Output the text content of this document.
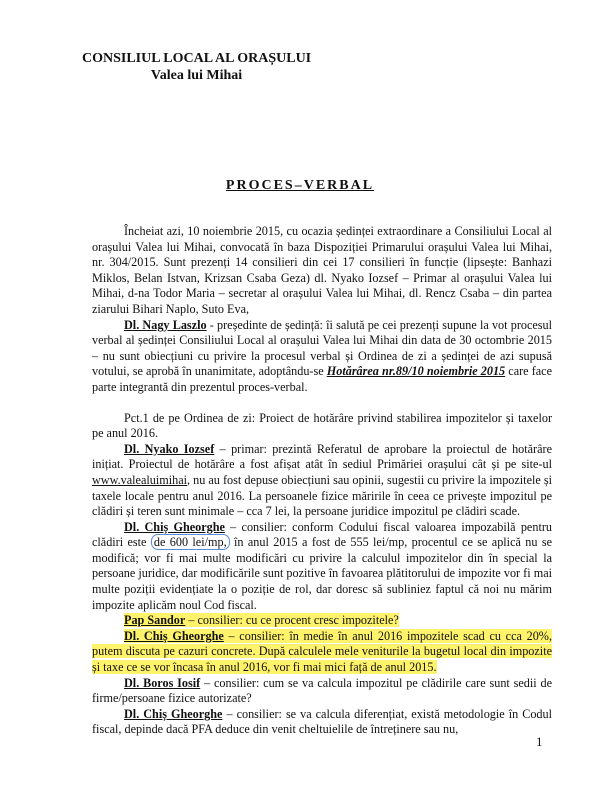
CONSILIUL LOCAL AL ORAȘULUI
Valea lui Mihai
PROCES–VERBAL

Încheiat azi, 10 noiembrie 2015, cu ocazia ședinței extraordinare a Consiliului Local al orașului Valea lui Mihai, convocată în baza Dispoziției Primarului orașului Valea lui Mihai, nr. 304/2015. Sunt prezenți 14 consilieri din cei 17 consilieri în funcție (lipsește: Banhazi Miklos, Belan Istvan, Krizsan Csaba Geza) dl. Nyako Iozsef – Primar al orașului Valea lui Mihai, d-na Todor Maria – secretar al orașului Valea lui Mihai, dl. Rencz Csaba – din partea ziarului Bihari Naplo, Suto Eva,

Dl. Nagy Laszlo - președinte de ședință: îi salută pe cei prezenți supune la vot procesul verbal al ședinței Consiliului Local al orașului Valea lui Mihai din data de 30 octombrie 2015 – nu sunt obiecțiuni cu privire la procesul verbal și Ordinea de zi a ședinței de azi supusă votului, se aprobă în unanimitate, adoptându-se Hotărârea nr.89/10 noiembrie 2015 care face parte integrantă din prezentul proces-verbal.

Pct.1 de pe Ordinea de zi: Proiect de hotărâre privind stabilirea impozitelor și taxelor pe anul 2016.

Dl. Nyako Iozsef – primar: prezintă Referatul de aprobare la proiectul de hotărâre inițiat. Proiectul de hotărâre a fost afișat atât în sediul Primăriei orașului cât și pe site-ul www.valealuimihai, nu au fost depuse obiecțiuni sau opinii, sugestii cu privire la impozitele și taxele locale pentru anul 2016. La persoanele fizice măririle în ceea ce privește impozitul pe clădiri și teren sunt minimale – cca 7 lei, la persoane juridice impozitul pe clădiri scade.

Dl. Chiș Gheorghe – consilier: conform Codului fiscal valoarea impozabilă pentru clădiri este de 600 lei/mp, în anul 2015 a fost de 555 lei/mp, procentul ce se aplică nu se modifică; vor fi mai multe modificări cu privire la calculul impozitelor din în special la persoane juridice, dar modificările sunt pozitive în favoarea plătitorului de impozite vor fi mai multe poziții evidențiate la o poziție de rol, dar doresc să subliniez faptul că noi nu mărim impozite aplicăm noul Cod fiscal.

Pap Sandor – consilier: cu ce procent cresc impozitele?

Dl. Chiș Gheorghe – consilier: în medie în anul 2016 impozitele scad cu cca 20%, putem discuta pe cazuri concrete. După calculele mele veniturile la bugetul local din impozite și taxe ce se vor încasa în anul 2016, vor fi mai mici față de anul 2015.

Dl. Boros Iosif – consilier: cum se va calcula impozitul pe clădirile care sunt sedii de firme/persoane fizice autorizate?

Dl. Chiș Gheorghe – consilier: se va calcula diferențiat, există metodologie în Codul fiscal, depinde dacă PFA deduce din venit cheltuielile de întreținere sau nu,

1
